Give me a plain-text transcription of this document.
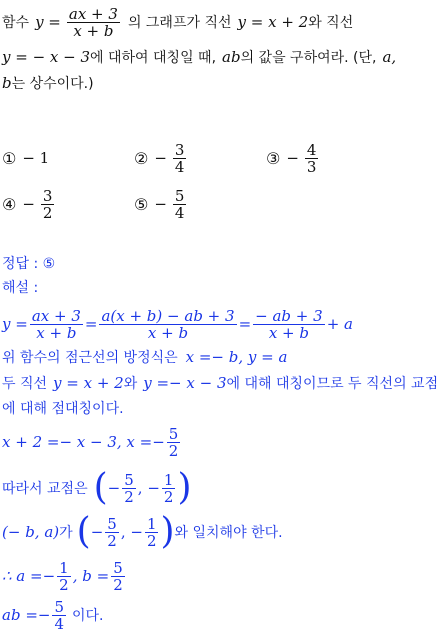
함수 $y = \frac{ax + 3}{x + b}$ 의 그래프가 직선 y = x + 2 와 직선
y = − x − 3 에 대하여 대칭일 때, ab 의 값을 구하여라. (단, a,
b 는 상수이다.)
① − 1	② − $\frac{3}{4}$	③ − $\frac{4}{3}$
④ − $\frac{3}{2}$	⑤ − $\frac{5}{4}$
정답 : ⑤
해설 :
$y = \frac{ax + 3}{x + b} = \frac{a(x + b) - ab + 3}{x + b} = \frac{- ab + 3}{x + b} + a$
위 함수의 점근선의 방정식은 x =− b, y = a
두 직선 y = x + 2 와 y =− x − 3 에 대해 대칭이므로 두 직선의 교점
에 대해 점대칭이다.
x + 2 =− x − 3, $x =- \frac{5}{2}$
따라서 교점은 ( − $\frac{5}{2}$ , − $\frac{1}{2}$ )
(− b, a) 가 ( − $\frac{5}{2}$ , − $\frac{1}{2}$ ) 와 일치해야 한다.
∴ $a =- \frac{1}{2}$ , $b = \frac{5}{2}$
ab =− $\frac{5}{4}$ 이다.
